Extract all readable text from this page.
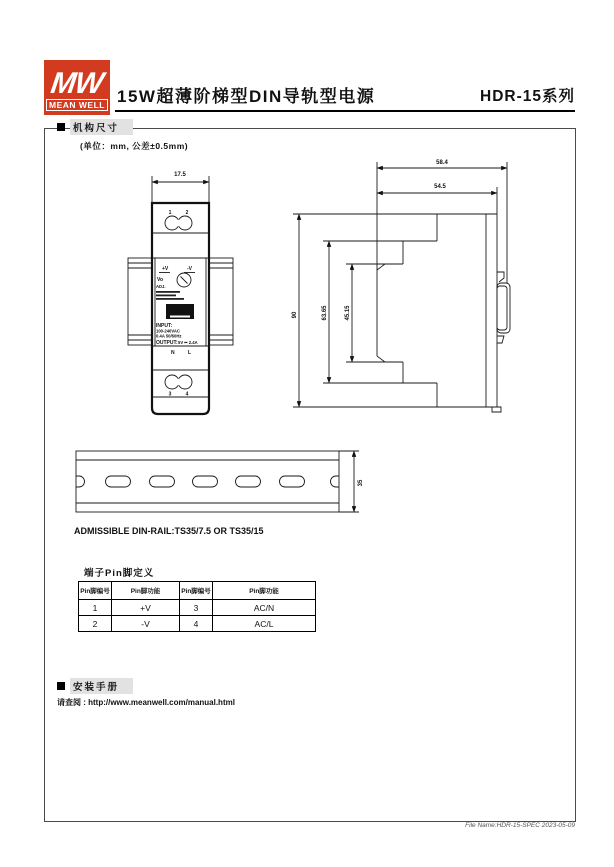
MW
MEAN WELL 15W超薄阶梯型DIN导轨型电源	HDR-15系列
机构尺寸
(单位：mm, 公差±0.5mm)
17.5
1	2
+V	-V
Vo
ADJ.
MW
INPUT:
100-240VAC
0.4A 50/60Hz
OUTPUT: 5V ⎓ 2.4A
N	L
3	4
58.4
54.5
90	63.65	45.15
35
ADMISSIBLE DIN-RAIL:TS35/7.5 OR TS35/15
端子Pin脚定义
Pin脚编号	Pin脚功能	Pin脚编号	Pin脚功能
1	+V	3	AC/N
2	-V	4	AC/L
安装手册
请查阅 : http://www.meanwell.com/manual.html
File Name:HDR-15-SPEC 2023-05-09
